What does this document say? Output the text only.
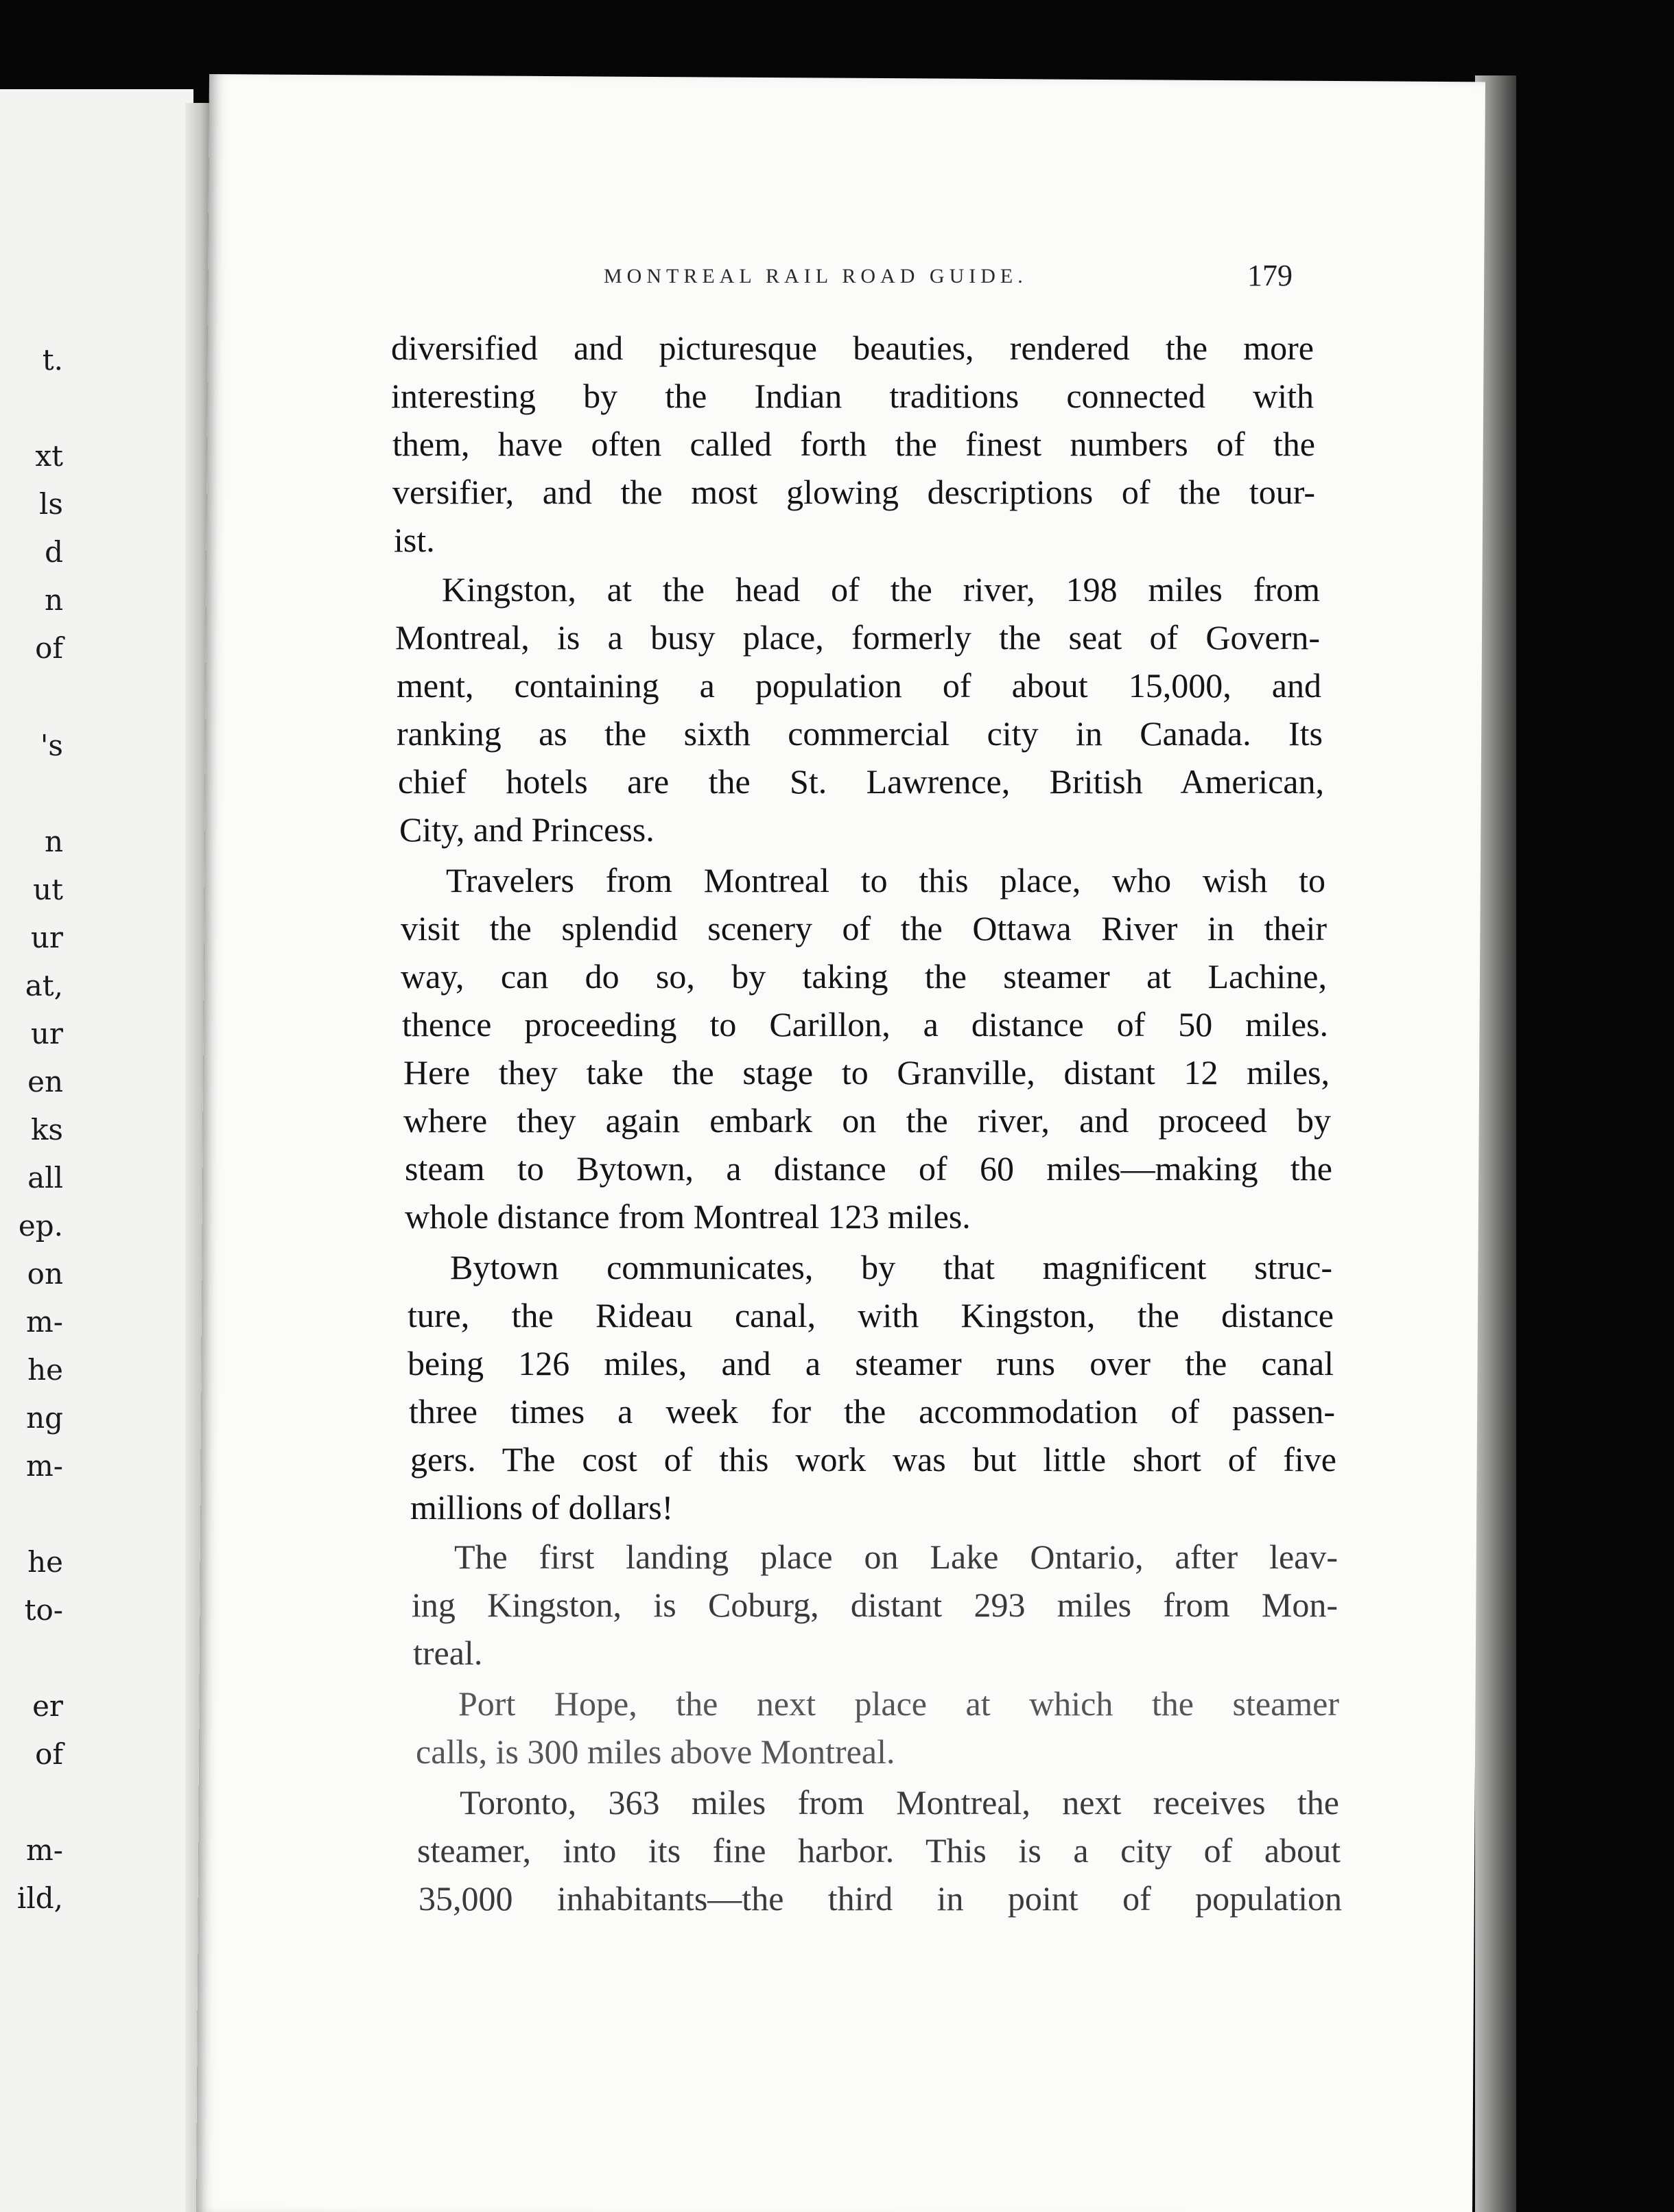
t.
xt
ls
d
n
of
's
n
ut
ur
at,
ur
en
ks
all
ep.
on
m-
he
ng
m-
he
to-
er
of
m-
ild,
MONTREAL RAIL ROAD GUIDE.	179
diversified and picturesque beauties, rendered the more
interesting by the Indian traditions connected with
them, have often called forth the finest numbers of the
versifier, and the most glowing descriptions of the tour-
ist.
Kingston, at the head of the river, 198 miles from
Montreal, is a busy place, formerly the seat of Govern-
ment, containing a population of about 15,000, and
ranking as the sixth commercial city in Canada. Its
chief hotels are the St. Lawrence, British American,
City, and Princess.
Travelers from Montreal to this place, who wish to
visit the splendid scenery of the Ottawa River in their
way, can do so, by taking the steamer at Lachine,
thence proceeding to Carillon, a distance of 50 miles.
Here they take the stage to Granville, distant 12 miles,
where they again embark on the river, and proceed by
steam to Bytown, a distance of 60 miles—making the
whole distance from Montreal 123 miles.
Bytown communicates, by that magnificent struc-
ture, the Rideau canal, with Kingston, the distance
being 126 miles, and a steamer runs over the canal
three times a week for the accommodation of passen-
gers. The cost of this work was but little short of five
millions of dollars!
The first landing place on Lake Ontario, after leav-
ing Kingston, is Coburg, distant 293 miles from Mon-
treal.
Port Hope, the next place at which the steamer
calls, is 300 miles above Montreal.
Toronto, 363 miles from Montreal, next receives the
steamer, into its fine harbor. This is a city of about
35,000 inhabitants—the third in point of population
